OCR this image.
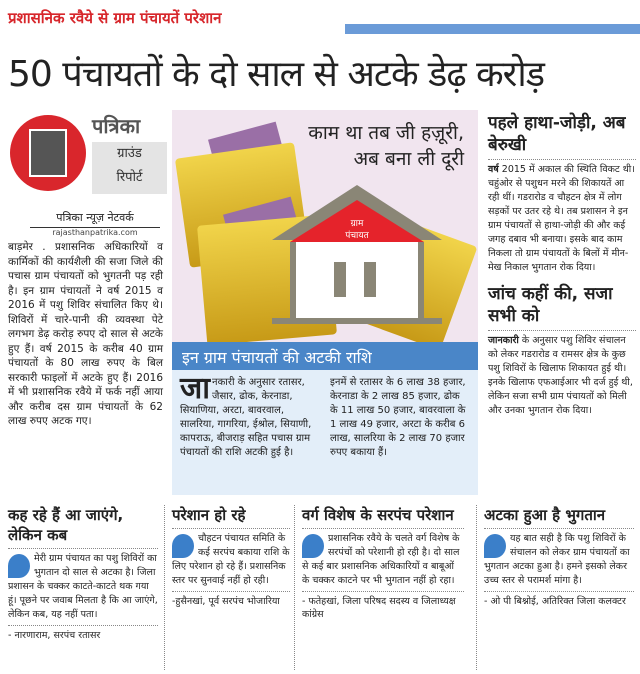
प्रशासनिक रवैये से ग्राम पंचायतें परेशान
50 पंचायतों के दो साल से अटके डेढ़ करोड़
पत्रिका
ग्राउंड
रिपोर्ट
पत्रिका न्यूज़ नेटवर्क
rajasthanpatrika.com
बाड़मेर . प्रशासनिक अधिकारियों व कार्मिकों की कार्यशैली की सजा जिले की पचास ग्राम पंचायतों को भुगतनी पड़ रही है। इन ग्राम पंचायतों ने वर्ष 2015 व 2016 में पशु शिविर संचालित किए थे। शिविरों में चारे-पानी की व्यवस्था पेटे लगभग डेढ़ करोड़ रुपए दो साल से अटके हुए हैं। वर्ष 2015 के करीब 40 ग्राम पंचायतों के 80 लाख रुपए के बिल सरकारी फाइलों में अटके हुए हैं। 2016 में भी प्रशासनिक रवैये में फर्क नहीं आया और करीब दस ग्राम पंचायतों के 62 लाख रुपए अटक गए।
काम था तब जी हज़ूरी,
अब बना ली दूरी
ग्राम
पंचायत
इन ग्राम पंचायतों की अटकी राशि
जानकारी के अनुसार रतासर, जैसार, ढोक, केरनाडा, सियाणिया, अरटा, बावरवाल, सालरिया, गागरिया, ईश्रोल, सियाणी, कापराऊ, बीजराड़ सहित पचास ग्राम पंचायतों की राशि अटकी हुई है।
इनमें से रतासर के 6 लाख 38 हजार, केरनाडा के 2 लाख 85 हजार, ढोक के 11 लाख 50 हजार, बावरवाला के 1 लाख 49 हजार, अरटा के करीब 6 लाख, सालरिया के 2 लाख 70 हजार रुपए बकाया हैं।
पहले हाथा-जोड़ी, अब बेरुखी
वर्ष 2015 में अकाल की स्थिति विकट थी। चहुंओर से पशुधन मरने की शिकायतें आ रही थीं। गडरारोड व चौहटन क्षेत्र में लोग सड़कों पर उतर रहे थे। तब प्रशासन ने इन ग्राम पंचायतों से हाथा-जोड़ी की और कई जगह दबाव भी बनाया। इसके बाद काम निकला तो ग्राम पंचायतों के बिलों में मीन-मेख निकाल भुगतान रोक दिया।
जांच कहीं की, सजा सभी को
जानकारी के अनुसार पशु शिविर संचालन को लेकर गडरारोड व रामसर क्षेत्र के कुछ पशु शिविरों के खिलाफ शिकायत हुई थी। इनके खिलाफ एफआईआर भी दर्ज हुई थी, लेकिन सजा सभी ग्राम पंचायतों को मिली और उनका भुगतान रोक दिया।
कह रहे हैं आ जाएंगे, लेकिन कब
मेरी ग्राम पंचायत का पशु शिविरों का भुगतान दो साल से अटका है। जिला प्रशासन के चक्कर काटते-काटते थक गया हूं। पूछने पर जवाब मिलता है कि आ जाएंगे, लेकिन कब, यह नहीं पता।
- नारणाराम, सरपंच रतासर
परेशान हो रहे
चौहटन पंचायत समिति के कई सरपंच बकाया राशि के लिए परेशान हो रहे हैं। प्रशासनिक स्तर पर सुनवाई नहीं हो रही।
-हुसैनखां, पूर्व सरपंच भोजारिया
वर्ग विशेष के सरपंच परेशान
प्रशासनिक रवैये के चलते वर्ग विशेष के सरपंचों को परेशानी हो रही है। दो साल से कई बार प्रशासनिक अधिकारियों व बाबूओं के चक्कर काटने पर भी भुगतान नहीं हो रहा।
- फतेहखां, जिला परिषद सदस्य व जिलाध्यक्ष कांग्रेस
अटका हुआ है भुगतान
यह बात सही है कि पशु शिविरों के संचालन को लेकर ग्राम पंचायतों का भुगतान अटका हुआ है। हमने इसको लेकर उच्च स्तर से परामर्श मांगा है।
- ओ पी बिश्नोई, अतिरिक्त जिला कलक्टर
